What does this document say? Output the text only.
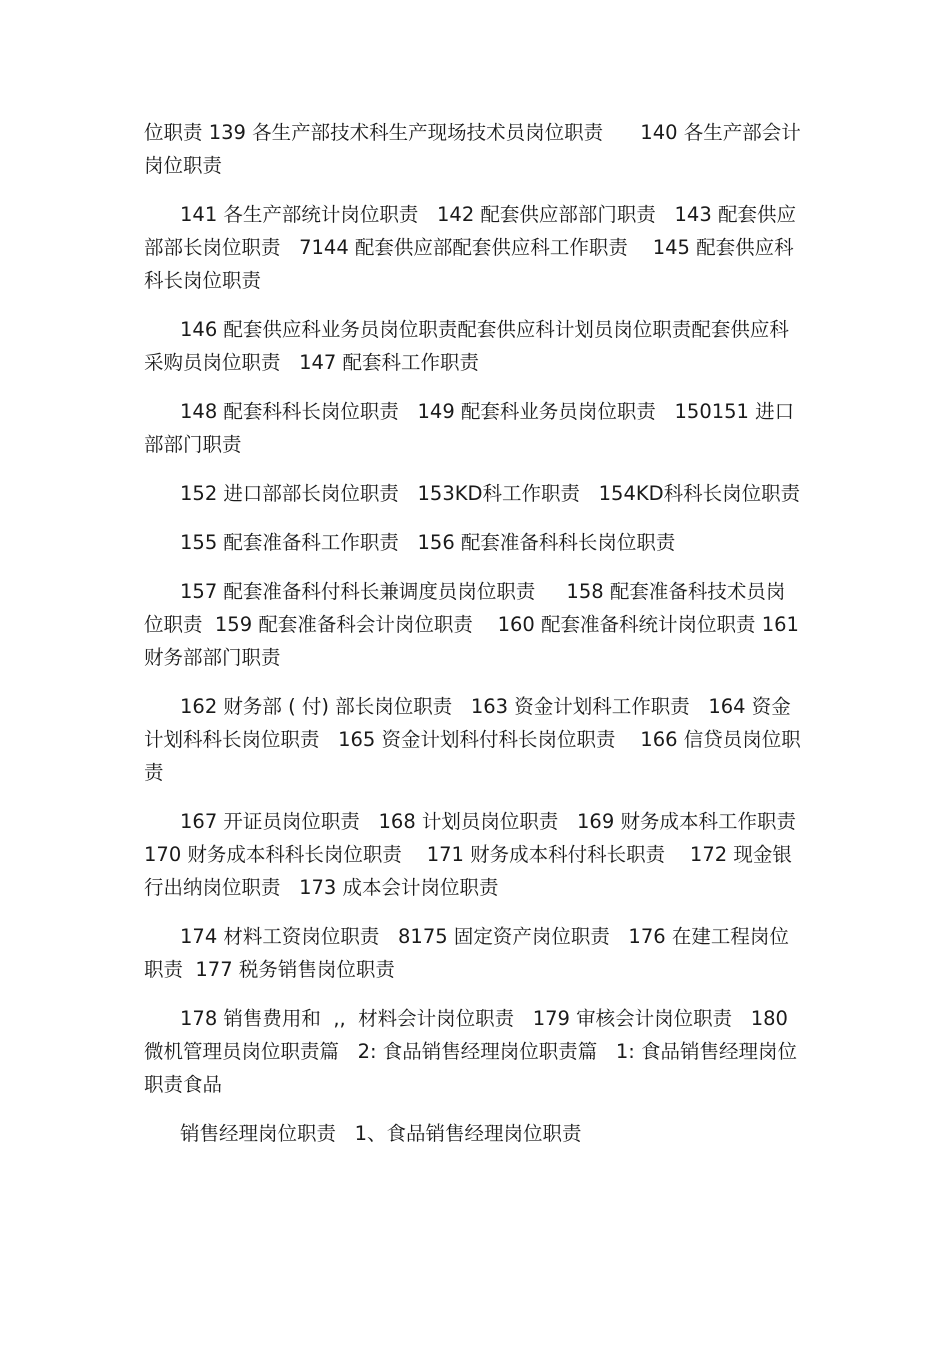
位职责 139 各生产部技术科生产现场技术员岗位职责      140 各生产部会计岗位职责

141 各生产部统计岗位职责   142 配套供应部部门职责   143 配套供应部部长岗位职责   7144 配套供应部配套供应科工作职责    145 配套供应科科长岗位职责

146 配套供应科业务员岗位职责配套供应科计划员岗位职责配套供应科采购员岗位职责   147 配套科工作职责

148 配套科科长岗位职责   149 配套科业务员岗位职责   150151 进口部部门职责

152 进口部部长岗位职责   153KD科工作职责   154KD科科长岗位职责

155 配套准备科工作职责   156 配套准备科科长岗位职责

157 配套准备科付科长兼调度员岗位职责     158 配套准备科技术员岗位职责  159 配套准备科会计岗位职责    160 配套准备科统计岗位职责 161 财务部部门职责

162 财务部 ( 付) 部长岗位职责   163 资金计划科工作职责   164 资金计划科科长岗位职责   165 资金计划科付科长岗位职责    166 信贷员岗位职责

167 开证员岗位职责   168 计划员岗位职责   169 财务成本科工作职责 170 财务成本科科长岗位职责    171 财务成本科付科长职责    172 现金银行出纳岗位职责   173 成本会计岗位职责

174 材料工资岗位职责   8175 固定资产岗位职责   176 在建工程岗位职责  177 税务销售岗位职责

178 销售费用和  ,,  材料会计岗位职责   179 审核会计岗位职责   180 微机管理员岗位职责篇   2: 食品销售经理岗位职责篇   1: 食品销售经理岗位职责食品

销售经理岗位职责   1、食品销售经理岗位职责
